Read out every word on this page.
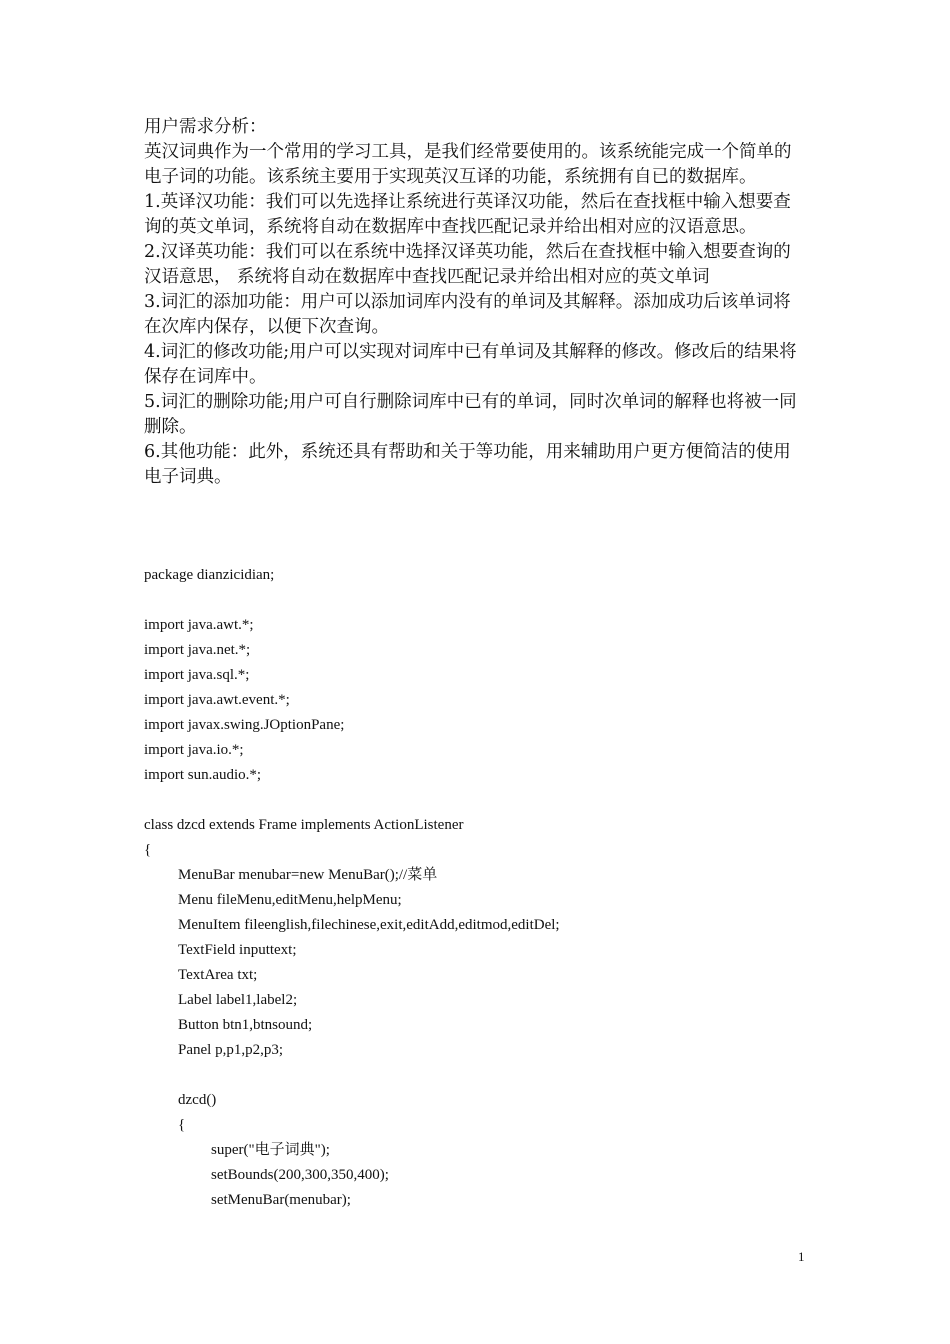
用户需求分析：

英汉词典作为一个常用的学习工具，是我们经常要使用的。该系统能完成一个简单的电子词的功能。该系统主要用于实现英汉互译的功能，系统拥有自已的数据库。

1.英译汉功能：我们可以先选择让系统进行英译汉功能，然后在查找框中输入想要查询的英文单词，系统将自动在数据库中查找匹配记录并给出相对应的汉语意思。

2.汉译英功能：我们可以在系统中选择汉译英功能，然后在查找框中输入想要查询的汉语意思， 系统将自动在数据库中查找匹配记录并给出相对应的英文单词

3.词汇的添加功能：用户可以添加词库内没有的单词及其解释。添加成功后该单词将在次库内保存，以便下次查询。

4.词汇的修改功能;用户可以实现对词库中已有单词及其解释的修改。修改后的结果将保存在词库中。

5.词汇的删除功能;用户可自行删除词库中已有的单词，同时次单词的解释也将被一同删除。

6.其他功能：此外，系统还具有帮助和关于等功能，用来辅助用户更方便简洁的使用电子词典。

package dianzicidian;
import java.awt.*;
import java.net.*;
import java.sql.*;
import java.awt.event.*;
import javax.swing.JOptionPane;
import java.io.*;
import sun.audio.*;
class dzcd extends Frame implements ActionListener
{
MenuBar menubar=new MenuBar();//菜单
Menu fileMenu,editMenu,helpMenu;
MenuItem fileenglish,filechinese,exit,editAdd,editmod,editDel;
TextField inputtext;
TextArea txt;
Label label1,label2;
Button btn1,btnsound;
Panel p,p1,p2,p3;
dzcd()
{
super("电子词典");
setBounds(200,300,350,400);
setMenuBar(menubar);
1
